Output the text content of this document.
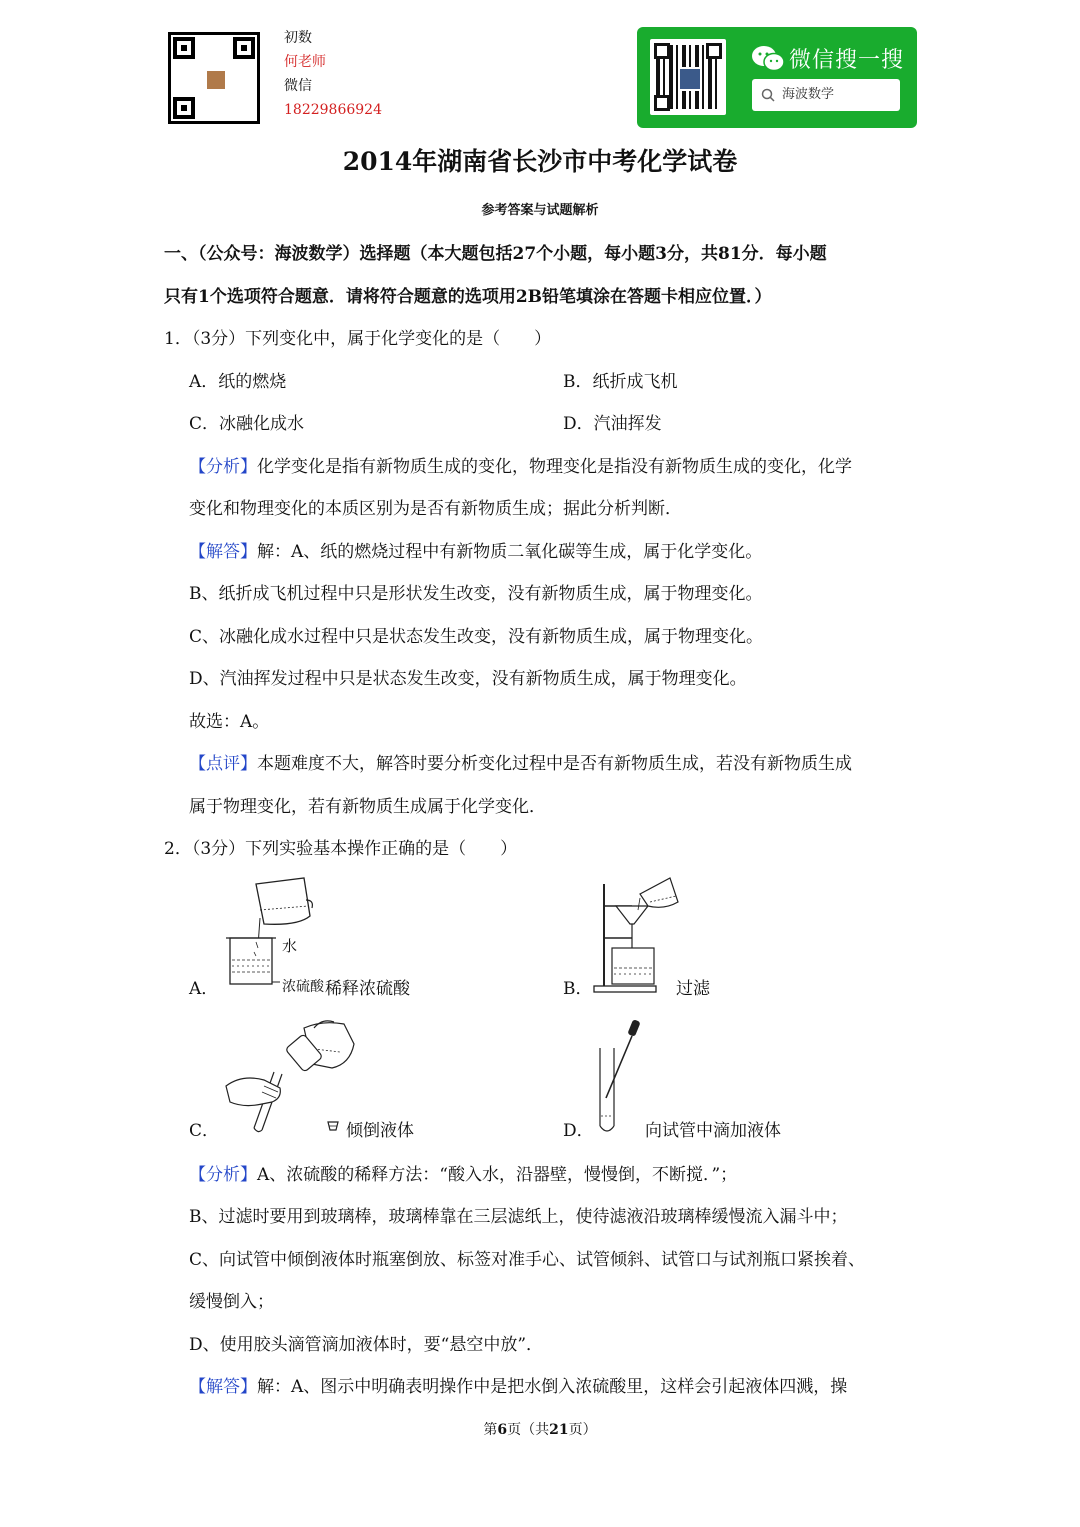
初数
何老师
微信
18229866924
微信搜一搜
海波数学
2014年湖南省长沙市中考化学试卷
参考答案与试题解析
一、（公众号：海波数学）选择题（本大题包括27个小题，每小题3分，共81分．每小题
只有1个选项符合题意．请将符合题意的选项用2B铅笔填涂在答题卡相应位置．）
1．（3分）下列变化中，属于化学变化的是（　　）
A．纸的燃烧	B．纸折成飞机
C．冰融化成水	D．汽油挥发
【分析】化学变化是指有新物质生成的变化，物理变化是指没有新物质生成的变化，化学
变化和物理变化的本质区别为是否有新物质生成；据此分析判断．
【解答】解：A、纸的燃烧过程中有新物质二氧化碳等生成，属于化学变化。
B、纸折成飞机过程中只是形状发生改变，没有新物质生成，属于物理变化。
C、冰融化成水过程中只是状态发生改变，没有新物质生成，属于物理变化。
D、汽油挥发过程中只是状态发生改变，没有新物质生成，属于物理变化。
故选：A。
【点评】本题难度不大，解答时要分析变化过程中是否有新物质生成，若没有新物质生成
属于物理变化，若有新物质生成属于化学变化．
2．（3分）下列实验基本操作正确的是（　　）
水
A．	浓硫酸 稀释浓硫酸	B．	过滤
C．	倾倒液体	D．	向试管中滴加液体
【分析】A、浓硫酸的稀释方法：“酸入水，沿器壁，慢慢倒，不断搅．”；
B、过滤时要用到玻璃棒，玻璃棒靠在三层滤纸上，使待滤液沿玻璃棒缓慢流入漏斗中；
C、向试管中倾倒液体时瓶塞倒放、标签对准手心、试管倾斜、试管口与试剂瓶口紧挨着、
缓慢倒入；
D、使用胶头滴管滴加液体时，要“悬空中放”．
【解答】解：A、图示中明确表明操作中是把水倒入浓硫酸里，这样会引起液体四溅，操
第6页（共21页）
